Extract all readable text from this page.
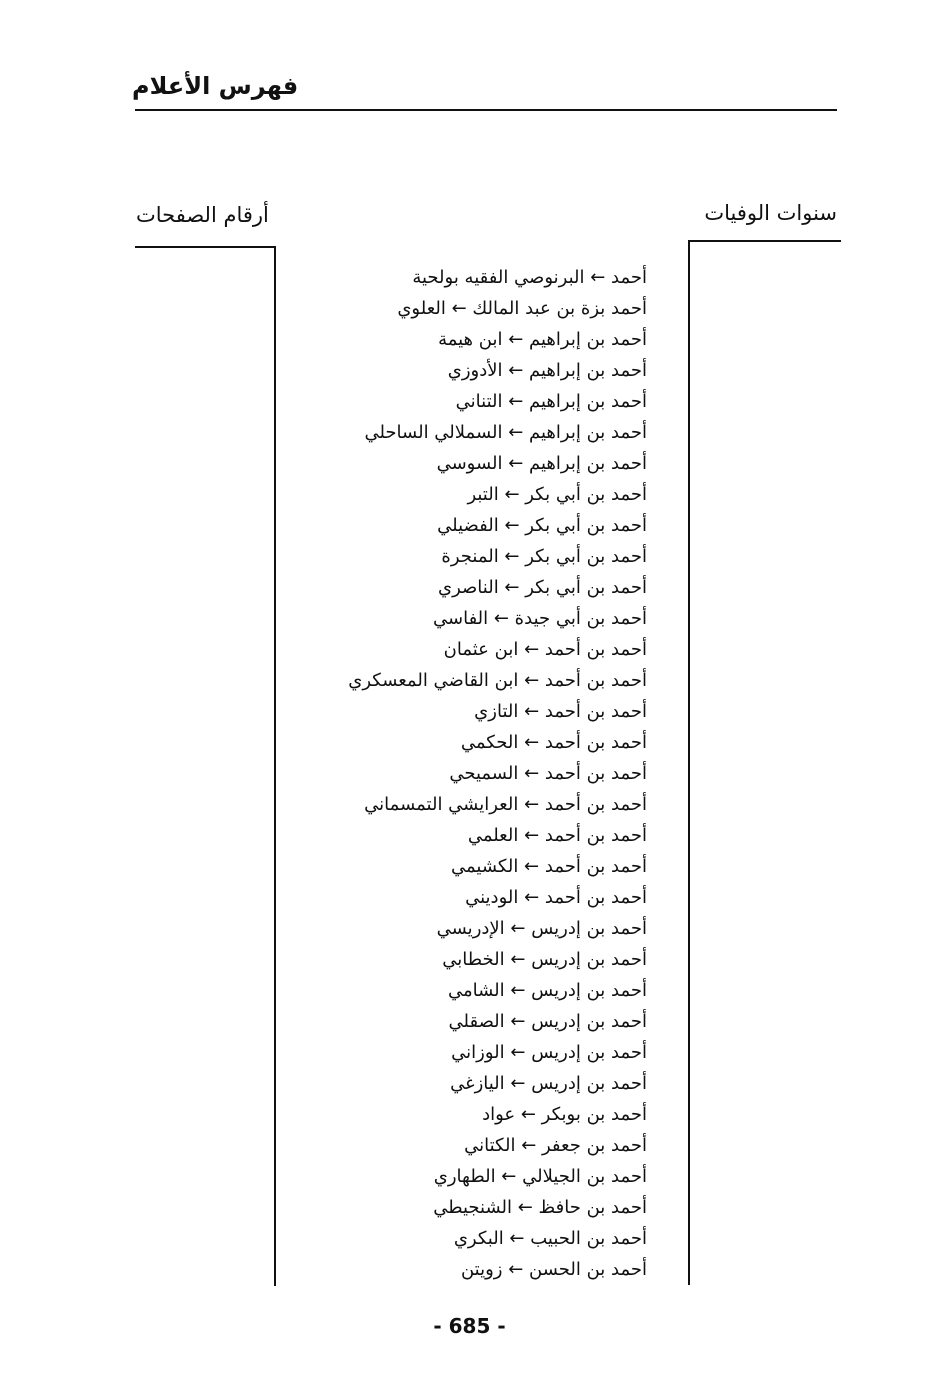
فهرس الأعلام
أرقام الصفحات	سنوات الوفيات
أحمد ← البرنوصي الفقيه بولحية
أحمد بزة بن عبد المالك ← العلوي
أحمد بن إبراهيم ← ابن هيمة
أحمد بن إبراهيم ← الأدوزي
أحمد بن إبراهيم ← التناني
أحمد بن إبراهيم ← السملالي الساحلي
أحمد بن إبراهيم ← السوسي
أحمد بن أبي بكر ← التبر
أحمد بن أبي بكر ← الفضيلي
أحمد بن أبي بكر ← المنجرة
أحمد بن أبي بكر ← الناصري
أحمد بن أبي جيدة ← الفاسي
أحمد بن أحمد ← ابن عثمان
أحمد بن أحمد ← ابن القاضي المعسكري
أحمد بن أحمد ← التازي
أحمد بن أحمد ← الحكمي
أحمد بن أحمد ← السميحي
أحمد بن أحمد ← العرايشي التمسماني
أحمد بن أحمد ← العلمي
أحمد بن أحمد ← الكشيمي
أحمد بن أحمد ← الوديني
أحمد بن إدريس ← الإدريسي
أحمد بن إدريس ← الخطابي
أحمد بن إدريس ← الشامي
أحمد بن إدريس ← الصقلي
أحمد بن إدريس ← الوزاني
أحمد بن إدريس ← اليازغي
أحمد بن بوبكر ← عواد
أحمد بن جعفر ← الكتاني
أحمد بن الجيلالي ← الطهاري
أحمد بن حافظ ← الشنجيطي
أحمد بن الحبيب ← البكري
أحمد بن الحسن ← زويتن
- 685 -
